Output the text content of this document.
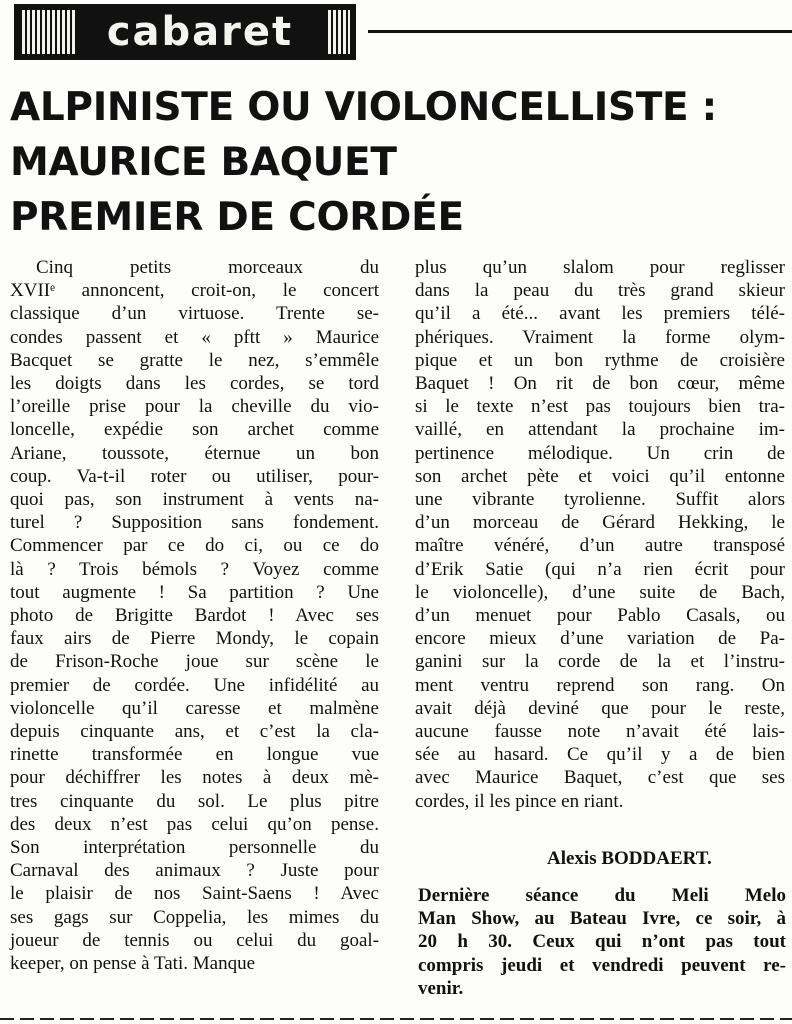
cabaret
ALPINISTE OU VIOLONCELLISTE :
MAURICE BAQUET
PREMIER DE CORDÉE
Cinq petits morceaux du
XVIIᵉ annoncent, croit-on, le concert
classique d’un virtuose. Trente se-
condes passent et « pftt » Maurice
Bacquet se gratte le nez, s’emmêle
les doigts dans les cordes, se tord
l’oreille prise pour la cheville du vio-
loncelle, expédie son archet comme
Ariane, toussote, éternue un bon
coup. Va-t-il roter ou utiliser, pour-
quoi pas, son instrument à vents na-
turel ? Supposition sans fondement.
Commencer par ce do ci, ou ce do
là ? Trois bémols ? Voyez comme
tout augmente ! Sa partition ? Une
photo de Brigitte Bardot ! Avec ses
faux airs de Pierre Mondy, le copain
de Frison-Roche joue sur scène le
premier de cordée. Une infidélité au
violoncelle qu’il caresse et malmène
depuis cinquante ans, et c’est la cla-
rinette transformée en longue vue
pour déchiffrer les notes à deux mè-
tres cinquante du sol. Le plus pitre
des deux n’est pas celui qu’on pense.
Son interprétation personnelle du
Carnaval des animaux ? Juste pour
le plaisir de nos Saint-Saens ! Avec
ses gags sur Coppelia, les mimes du
joueur de tennis ou celui du goal-
keeper, on pense à Tati. Manque
plus qu’un slalom pour reglisser
dans la peau du très grand skieur
qu’il a été... avant les premiers télé-
phériques. Vraiment la forme olym-
pique et un bon rythme de croisière
Baquet ! On rit de bon cœur, même
si le texte n’est pas toujours bien tra-
vaillé, en attendant la prochaine im-
pertinence mélodique. Un crin de
son archet pète et voici qu’il entonne
une vibrante tyrolienne. Suffit alors
d’un morceau de Gérard Hekking, le
maître vénéré, d’un autre transposé
d’Erik Satie (qui n’a rien écrit pour
le violoncelle), d’une suite de Bach,
d’un menuet pour Pablo Casals, ou
encore mieux d’une variation de Pa-
ganini sur la corde de la et l’instru-
ment ventru reprend son rang. On
avait déjà deviné que pour le reste,
aucune fausse note n’avait été lais-
sée au hasard. Ce qu’il y a de bien
avec Maurice Baquet, c’est que ses
cordes, il les pince en riant.
Alexis BODDAERT.
Dernière séance du Meli Melo
Man Show, au Bateau Ivre, ce soir, à
20 h 30. Ceux qui n’ont pas tout
compris jeudi et vendredi peuvent re-
venir.
